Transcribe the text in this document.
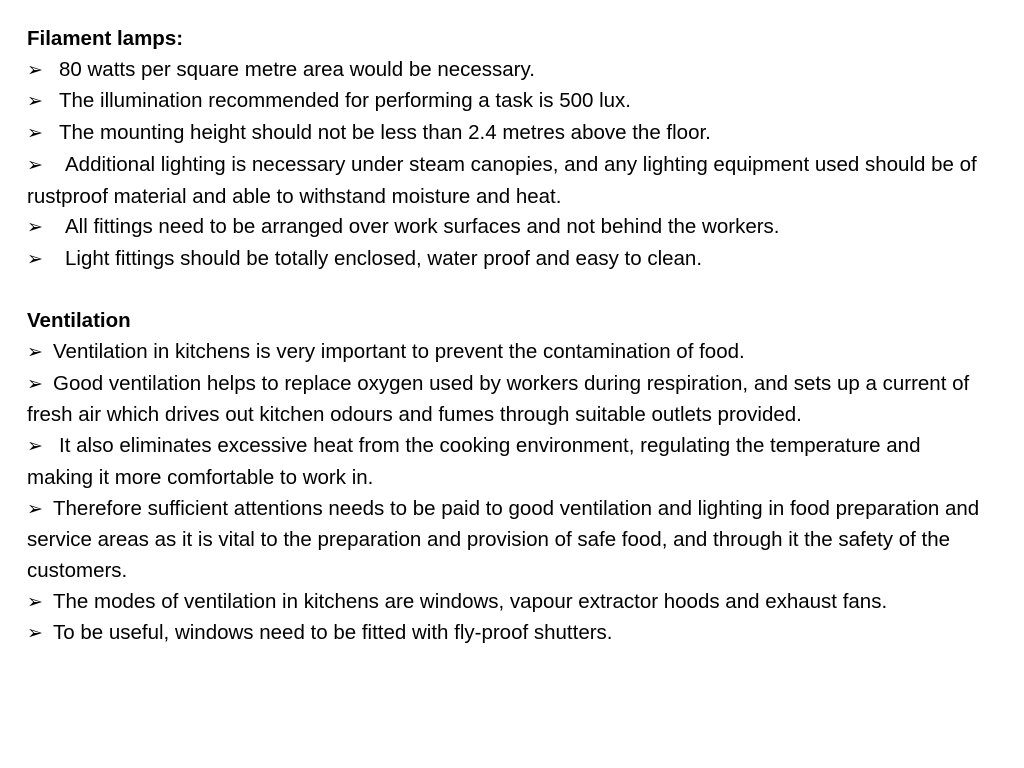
Filament lamps:

➢ 80 watts per square metre area would be necessary.

➢ The illumination recommended for performing a task is 500 lux.

➢ The mounting height should not be less than 2.4 metres above the floor.

➢ Additional lighting is necessary under steam canopies, and any lighting equipment used should be of rustproof material and able to withstand moisture and heat.

➢ All fittings need to be arranged over work surfaces and not behind the workers.

➢ Light fittings should be totally enclosed, water proof and easy to clean.

Ventilation

➢ Ventilation in kitchens is very important to prevent the contamination of food.

➢ Good ventilation helps to replace oxygen used by workers during respiration, and sets up a current of fresh air which drives out kitchen odours and fumes through suitable outlets provided.

➢ It also eliminates excessive heat from the cooking environment, regulating the temperature and making it more comfortable to work in.

➢ Therefore sufficient attentions needs to be paid to good ventilation and lighting in food preparation and service areas as it is vital to the preparation and provision of safe food, and through it the safety of the customers.

➢ The modes of ventilation in kitchens are windows, vapour extractor hoods and exhaust fans.

➢ To be useful, windows need to be fitted with fly-proof shutters.
